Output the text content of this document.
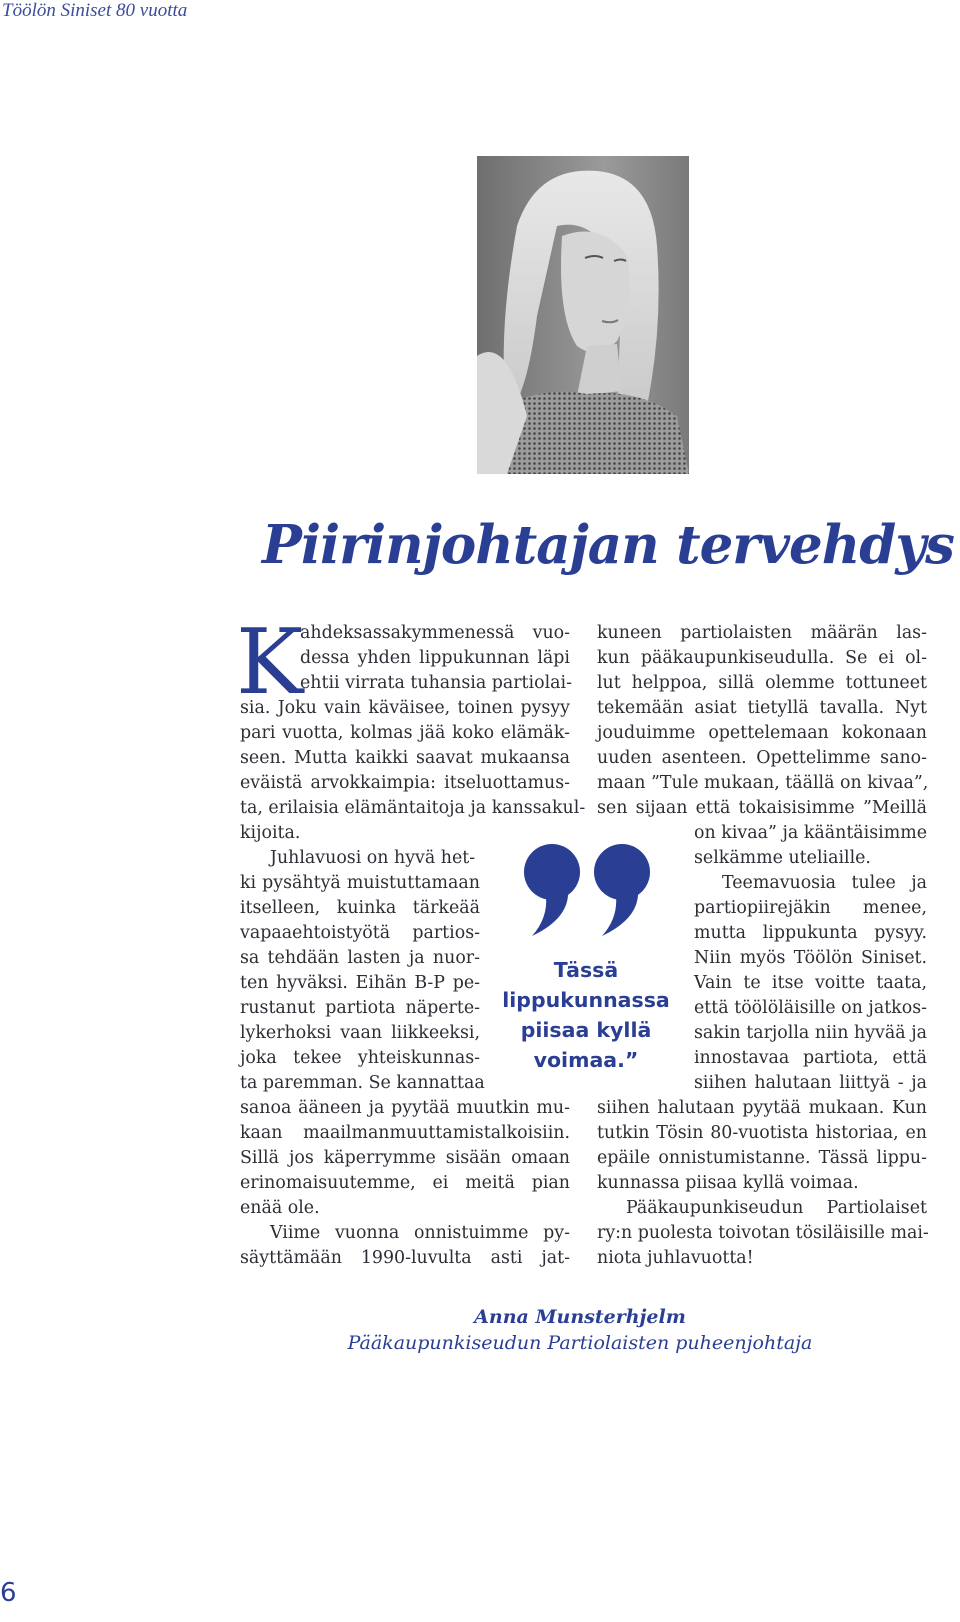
Töölön Siniset 80 vuotta
Piirinjohtajan tervehdys
K
ahdeksassakymmenessä vuo-
dessa yhden lippukunnan läpi
ehtii virrata tuhansia partiolai-
sia. Joku vain käväisee, toinen pysyy
pari vuotta, kolmas jää koko elämäk-
seen. Mutta kaikki saavat mukaansa
eväistä arvokkaimpia: itseluottamus-
ta, erilaisia elämäntaitoja ja kanssakul-
kijoita.
Juhlavuosi on hyvä het-
ki pysähtyä muistuttamaan
itselleen, kuinka tärkeää
vapaaehtoistyötä partios-
sa tehdään lasten ja nuor-
ten hyväksi. Eihän B-P pe-
rustanut partiota näperte-
lykerhoksi vaan liikkeeksi,
joka tekee yhteiskunnas-
ta paremman. Se kannattaa
sanoa ääneen ja pyytää muutkin mu-
kaan maailmanmuuttamistalkoisiin.
Sillä jos käperrymme sisään omaan
erinomaisuutemme, ei meitä pian
enää ole.
Viime vuonna onnistuimme py-
säyttämään 1990-luvulta asti jat-
kuneen partiolaisten määrän las-
kun pääkaupunkiseudulla. Se ei ol-
lut helppoa, sillä olemme tottuneet
tekemään asiat tietyllä tavalla. Nyt
jouduimme opettelemaan kokonaan
uuden asenteen. Opettelimme sano-
maan ”Tule mukaan, täällä on kivaa”,
sen sijaan että tokaisisimme ”Meillä
on kivaa” ja kääntäisimme
selkämme uteliaille.
Teemavuosia tulee ja
partiopiirejäkin menee,
mutta lippukunta pysyy.
Niin myös Töölön Siniset.
Vain te itse voitte taata,
että töölöläisille on jatkos-
sakin tarjolla niin hyvää ja
innostavaa partiota, että
siihen halutaan liittyä - ja
siihen halutaan pyytää mukaan. Kun
tutkin Tösin 80-vuotista historiaa, en
epäile onnistumistanne. Tässä lippu-
kunnassa piisaa kyllä voimaa.
Pääkaupunkiseudun Partiolaiset
ry:n puolesta toivotan tösiläisille mai-
niota juhlavuotta!
Tässä
lippukunnassa
piisaa kyllä
voimaa.”
Anna Munsterhjelm
Pääkaupunkiseudun Partiolaisten puheenjohtaja
6
